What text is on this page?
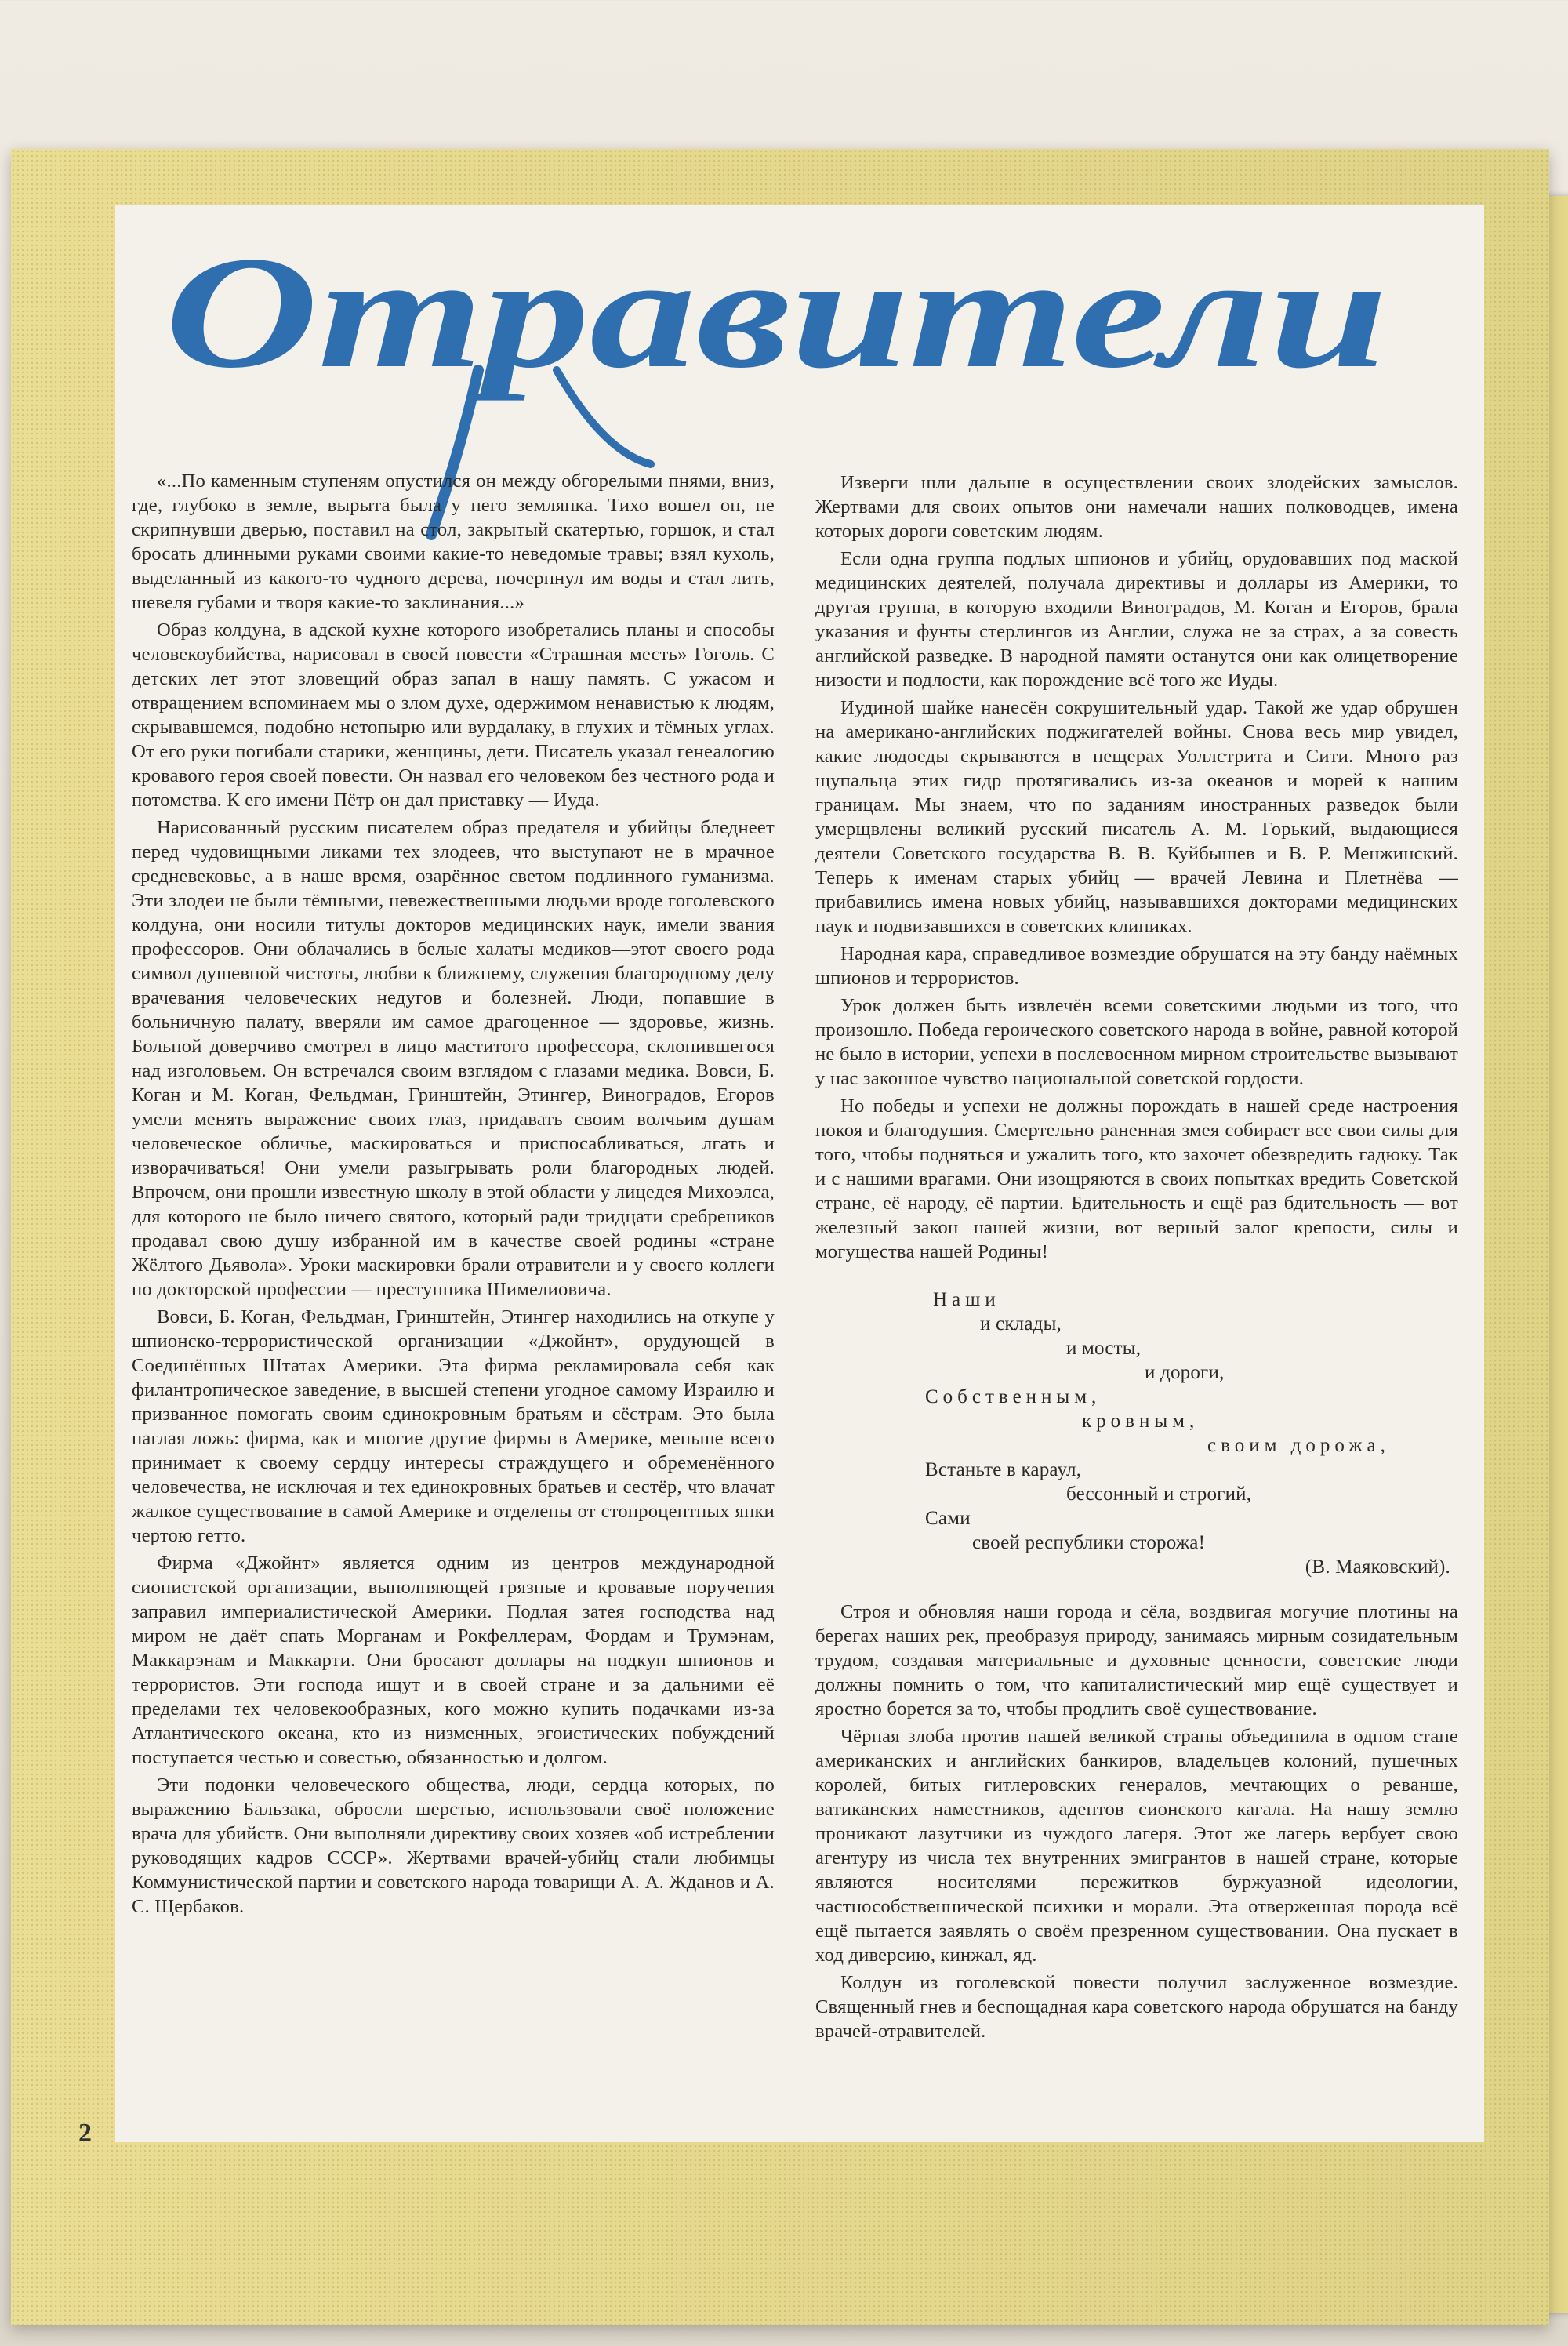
Отравители

«...По каменным ступеням опустился он между обгорелыми пнями, вниз, где, глубоко в земле, вырыта была у него землянка. Тихо вошел он, не скрипнувши дверью, поставил на стол, закрытый скатертью, горшок, и стал бросать длинными руками своими какие-то неведомые травы; взял кухоль, выделанный из какого-то чудного дерева, почерпнул им воды и стал лить, шевеля губами и творя какие-то заклинания...»

Образ колдуна, в адской кухне которого изобретались планы и способы человекоубийства, нарисовал в своей повести «Страшная месть» Гоголь. С детских лет этот зловещий образ запал в нашу память. С ужасом и отвращением вспоминаем мы о злом духе, одержимом ненавистью к людям, скрывавшемся, подобно нетопырю или вурдалаку, в глухих и тёмных углах. От его руки погибали старики, женщины, дети. Писатель указал генеалогию кровавого героя своей повести. Он назвал его человеком без честного рода и потомства. К его имени Пётр он дал приставку — Иуда.

Нарисованный русским писателем образ предателя и убийцы бледнеет перед чудовищными ликами тех злодеев, что выступают не в мрачное средневековье, а в наше время, озарённое светом подлинного гуманизма. Эти злодеи не были тёмными, невежественными людьми вроде гоголевского колдуна, они носили титулы докторов медицинских наук, имели звания профессоров. Они облачались в белые халаты медиков—этот своего рода символ душевной чистоты, любви к ближнему, служения благородному делу врачевания человеческих недугов и болезней. Люди, попавшие в больничную палату, вверяли им самое драгоценное — здоровье, жизнь. Больной доверчиво смотрел в лицо маститого профессора, склонившегося над изголовьем. Он встречался своим взглядом с глазами медика. Вовси, Б. Коган и М. Коган, Фельдман, Гринштейн, Этингер, Виноградов, Егоров умели менять выражение своих глаз, придавать своим волчьим душам человеческое обличье, маскироваться и приспосабливаться, лгать и изворачиваться! Они умели разыгрывать роли благородных людей. Впрочем, они прошли известную школу в этой области у лицедея Михоэлса, для которого не было ничего святого, который ради тридцати сребреников продавал свою душу избранной им в качестве своей родины «стране Жёлтого Дьявола». Уроки маскировки брали отравители и у своего коллеги по докторской профессии — преступника Шимелиовича.

Вовси, Б. Коган, Фельдман, Гринштейн, Этингер находились на откупе у шпионско-террористической организации «Джойнт», орудующей в Соединённых Штатах Америки. Эта фирма рекламировала себя как филантропическое заведение, в высшей степени угодное самому Израилю и призванное помогать своим единокровным братьям и сёстрам. Это была наглая ложь: фирма, как и многие другие фирмы в Америке, меньше всего принимает к своему сердцу интересы страждущего и обременённого человечества, не исключая и тех единокровных братьев и сестёр, что влачат жалкое существование в самой Америке и отделены от стопроцентных янки чертою гетто.

Фирма «Джойнт» является одним из центров международной сионистской организации, выполняющей грязные и кровавые поручения заправил империалистической Америки. Подлая затея господства над миром не даёт спать Морганам и Рокфеллерам, Фордам и Трумэнам, Маккарэнам и Маккарти. Они бросают доллары на подкуп шпионов и террористов. Эти господа ищут и в своей стране и за дальними её пределами тех человекообразных, кого можно купить подачками из-за Атлантического океана, кто из низменных, эгоистических побуждений поступается честью и совестью, обязанностью и долгом.

Эти подонки человеческого общества, люди, сердца которых, по выражению Бальзака, обросли шерстью, использовали своё положение врача для убийств. Они выполняли директиву своих хозяев «об истреблении руководящих кадров СССР». Жертвами врачей-убийц стали любимцы Коммунистической партии и советского народа товарищи А. А. Жданов и А. С. Щербаков.

Изверги шли дальше в осуществлении своих злодейских замыслов. Жертвами для своих опытов они намечали наших полководцев, имена которых дороги советским людям.

Если одна группа подлых шпионов и убийц, орудовавших под маской медицинских деятелей, получала директивы и доллары из Америки, то другая группа, в которую входили Виноградов, М. Коган и Егоров, брала указания и фунты стерлингов из Англии, служа не за страх, а за совесть английской разведке. В народной памяти останутся они как олицетворение низости и подлости, как порождение всё того же Иуды.

Иудиной шайке нанесён сокрушительный удар. Такой же удар обрушен на американо-английских поджигателей войны. Снова весь мир увидел, какие людоеды скрываются в пещерах Уоллстрита и Сити. Много раз щупальца этих гидр протягивались из-за океанов и морей к нашим границам. Мы знаем, что по заданиям иностранных разведок были умерщвлены великий русский писатель А. М. Горький, выдающиеся деятели Советского государства В. В. Куйбышев и В. Р. Менжинский. Теперь к именам старых убийц — врачей Левина и Плетнёва — прибавились имена новых убийц, называвшихся докторами медицинских наук и подвизавшихся в советских клиниках.

Народная кара, справедливое возмездие обрушатся на эту банду наёмных шпионов и террористов.

Урок должен быть извлечён всеми советскими людьми из того, что произошло. Победа героического советского народа в войне, равной которой не было в истории, успехи в послевоенном мирном строительстве вызывают у нас законное чувство национальной советской гордости.

Но победы и успехи не должны порождать в нашей среде настроения покоя и благодушия. Смертельно раненная змея собирает все свои силы для того, чтобы подняться и ужалить того, кто захочет обезвредить гадюку. Так и с нашими врагами. Они изощряются в своих попытках вредить Советской стране, её народу, её партии. Бдительность и ещё раз бдительность — вот железный закон нашей жизни, вот верный залог крепости, силы и могущества нашей Родины!

Наши
и склады,
и мосты,
и дороги,
Собственным,
кровным,
своим дорожа,
Встаньте в караул,
бессонный и строгий,
Сами
своей республики сторожа!
(В. Маяковский).

Строя и обновляя наши города и сёла, воздвигая могучие плотины на берегах наших рек, преобразуя природу, занимаясь мирным созидательным трудом, создавая материальные и духовные ценности, советские люди должны помнить о том, что капиталистический мир ещё существует и яростно борется за то, чтобы продлить своё существование.

Чёрная злоба против нашей великой страны объединила в одном стане американских и английских банкиров, владельцев колоний, пушечных королей, битых гитлеровских генералов, мечтающих о реванше, ватиканских наместников, адептов сионского кагала. На нашу землю проникают лазутчики из чуждого лагеря. Этот же лагерь вербует свою агентуру из числа тех внутренних эмигрантов в нашей стране, которые являются носителями пережитков буржуазной идеологии, частнособственнической психики и морали. Эта отверженная порода всё ещё пытается заявлять о своём презренном существовании. Она пускает в ход диверсию, кинжал, яд.

Колдун из гоголевской повести получил заслуженное возмездие. Священный гнев и беспощадная кара советского народа обрушатся на банду врачей-отравителей.

2
